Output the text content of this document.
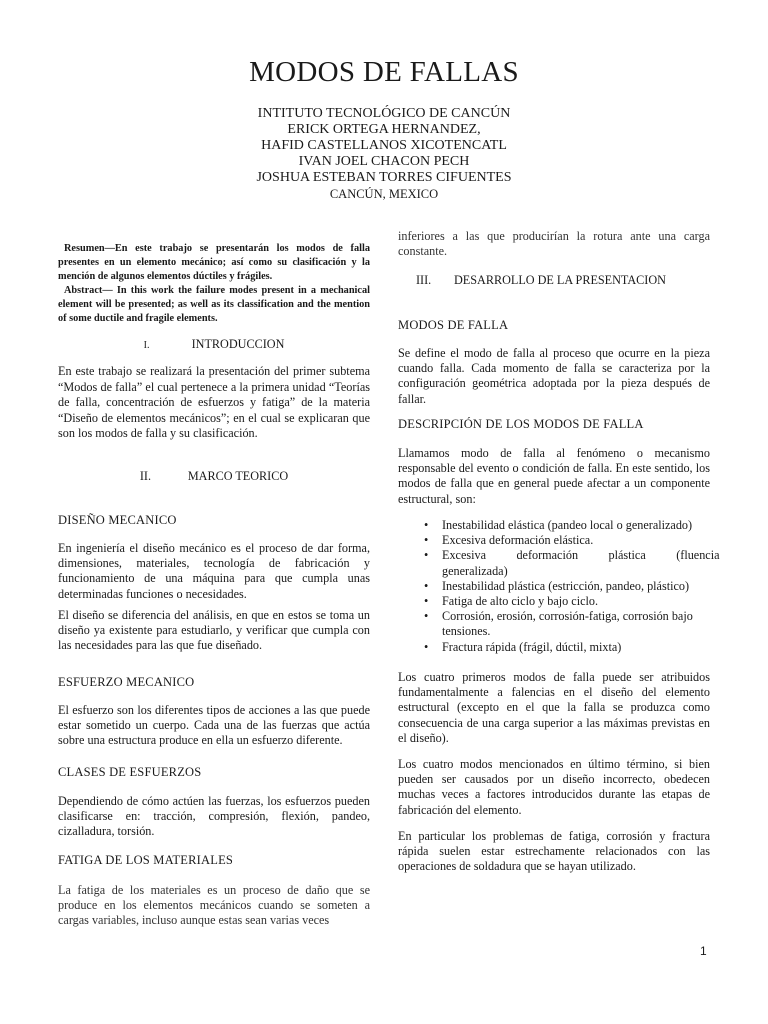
MODOS DE FALLAS
INTITUTO TECNOLÓGICO DE CANCÚN
ERICK ORTEGA HERNANDEZ,
HAFID CASTELLANOS XICOTENCATL
IVAN JOEL CHACON PECH
JOSHUA ESTEBAN TORRES CIFUENTES
CANCÚN, MEXICO

Resumen—En este trabajo se presentarán los modos de falla presentes en un elemento mecánico; así como su clasificación y la mención de algunos elementos dúctiles y frágiles.

Abstract— In this work the failure modes present in a mechanical element will be presented; as well as its classification and the mention of some ductile and fragile elements.

I.	INTRODUCCION

En este trabajo se realizará la presentación del primer subtema “Modos de falla” el cual pertenece a la primera unidad “Teorías de falla, concentración de esfuerzos y fatiga” de la materia “Diseño de elementos mecánicos”; en el cual se explicaran que son los modos de falla y su clasificación.

II.	MARCO TEORICO
DISEÑO MECANICO

En ingeniería el diseño mecánico es el proceso de dar forma, dimensiones, materiales, tecnología de fabricación y funcionamiento de una máquina para que cumpla unas determinadas funciones o necesidades.

El diseño se diferencia del análisis, en que en estos se toma un diseño ya existente para estudiarlo, y verificar que cumpla con las necesidades para las que fue diseñado.

ESFUERZO MECANICO

El esfuerzo son los diferentes tipos de acciones a las que puede estar sometido un cuerpo. Cada una de las fuerzas que actúa sobre una estructura produce en ella un esfuerzo diferente.

CLASES DE ESFUERZOS

Dependiendo de cómo actúen las fuerzas, los esfuerzos pueden clasificarse en: tracción, compresión, flexión, pandeo, cizalladura, torsión.

FATIGA DE LOS MATERIALES

La fatiga de los materiales es un proceso de daño que se produce en los elementos mecánicos cuando se someten a cargas variables, incluso aunque estas sean varias veces

inferiores a las que producirían la rotura ante una carga constante.

III. DESARROLLO DE LA PRESENTACION
MODOS DE FALLA

Se define el modo de falla al proceso que ocurre en la pieza cuando falla. Cada momento de falla se caracteriza por la configuración geométrica adoptada por la pieza después de fallar.

DESCRIPCIÓN DE LOS MODOS DE FALLA

Llamamos modo de falla al fenómeno o mecanismo responsable del evento o condición de falla. En este sentido, los modos de falla que en general puede afectar a un componente estructural, son:

• Inestabilidad elástica (pandeo local o generalizado)
• Excesiva deformación elástica.
• Excesiva          deformación          plástica          (fluencia
generalizada)
• Inestabilidad plástica (estricción, pandeo, plástico)
• Fatiga de alto ciclo y bajo ciclo.
• Corrosión, erosión, corrosión-fatiga, corrosión bajo
tensiones.
• Fractura rápida (frágil, dúctil, mixta)

Los cuatro primeros modos de falla puede ser atribuidos fundamentalmente a falencias en el diseño del elemento estructural (excepto en el que la falla se produzca como consecuencia de una carga superior a las máximas previstas en el diseño).

Los cuatro modos mencionados en último término, si bien pueden ser causados por un diseño incorrecto, obedecen muchas veces a factores introducidos durante las etapas de fabricación del elemento.

En particular los problemas de fatiga, corrosión y fractura rápida suelen estar estrechamente relacionados con las operaciones de soldadura que se hayan utilizado.

1
